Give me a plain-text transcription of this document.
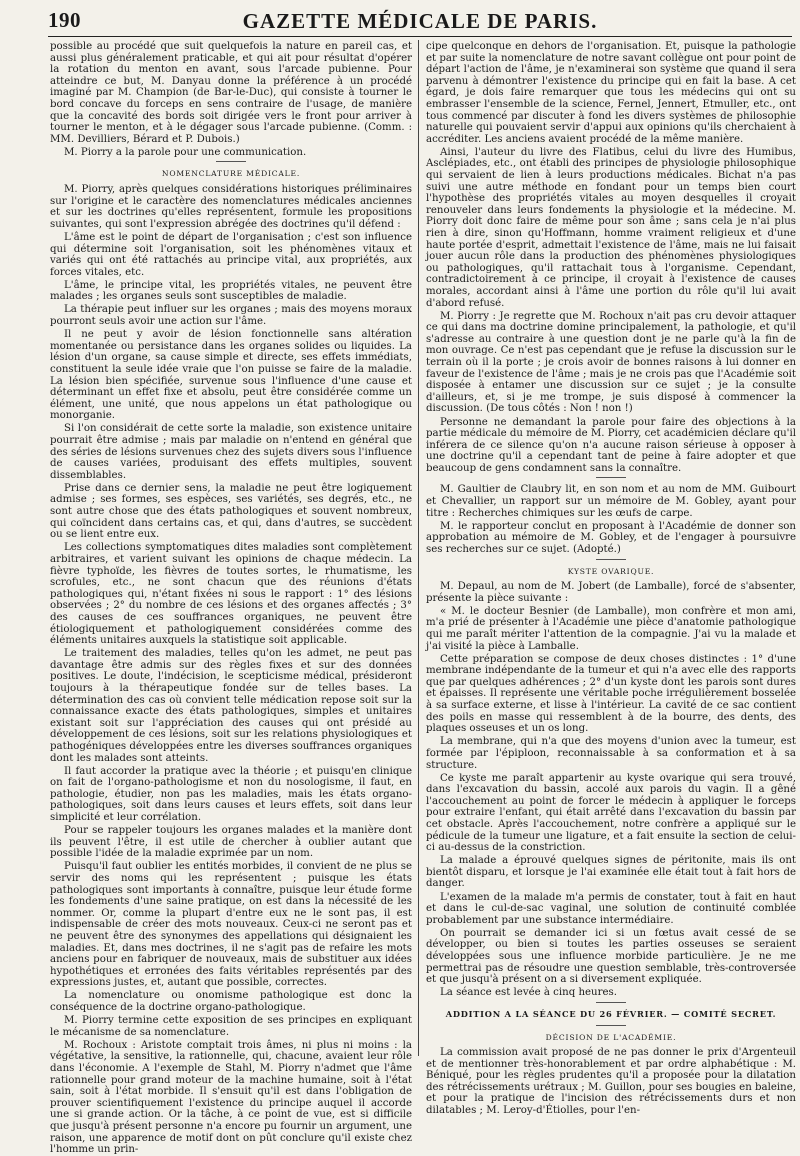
190	GAZETTE MÉDICALE DE PARIS.

possible au procédé que suit quelquefois la nature en pareil cas, et aussi plus généralement praticable, et qui ait pour résultat d'opérer la rotation du menton en avant, sous l'arcade pubienne. Pour atteindre ce but, M. Danyau donne la préférence à un procédé imaginé par M. Champion (de Bar-le-Duc), qui consiste à tourner le bord concave du forceps en sens contraire de l'usage, de manière que la concavité des bords soit dirigée vers le front pour arriver à tourner le menton, et à le dégager sous l'arcade pubienne. (Comm. : MM. Devilliers, Bérard et P. Dubois.)

M. Piorry a la parole pour une communication.

NOMENCLATURE MÉDICALE.

M. Piorry, après quelques considérations historiques préliminaires sur l'origine et le caractère des nomenclatures médicales anciennes et sur les doctrines qu'elles représentent, formule les propositions suivantes, qui sont l'expression abrégée des doctrines qu'il défend :

L'âme est le point de départ de l'organisation ; c'est son influence qui détermine soit l'organisation, soit les phénomènes vitaux et variés qui ont été rattachés au principe vital, aux propriétés, aux forces vitales, etc.

L'âme, le principe vital, les propriétés vitales, ne peuvent être malades ; les organes seuls sont susceptibles de maladie.

La thérapie peut influer sur les organes ; mais des moyens moraux pourront seuls avoir une action sur l'âme.

Il ne peut y avoir de lésion fonctionnelle sans altération momentanée ou persistance dans les organes solides ou liquides. La lésion d'un organe, sa cause simple et directe, ses effets immédiats, constituent la seule idée vraie que l'on puisse se faire de la maladie. La lésion bien spécifiée, survenue sous l'influence d'une cause et déterminant un effet fixe et absolu, peut être considérée comme un élément, une unité, que nous appelons un état pathologique ou monorganie.

Si l'on considérait de cette sorte la maladie, son existence unitaire pourrait être admise ; mais par maladie on n'entend en général que des séries de lésions survenues chez des sujets divers sous l'influence de causes variées, produisant des effets multiples, souvent dissemblables.

Prise dans ce dernier sens, la maladie ne peut être logiquement admise ; ses formes, ses espèces, ses variétés, ses degrés, etc., ne sont autre chose que des états pathologiques et souvent nombreux, qui coïncident dans certains cas, et qui, dans d'autres, se succèdent ou se lient entre eux.

Les collections symptomatiques dites maladies sont complètement arbitraires, et varient suivant les opinions de chaque médecin. La fièvre typhoïde, les fièvres de toutes sortes, le rhumatisme, les scrofules, etc., ne sont chacun que des réunions d'états pathologiques qui, n'étant fixées ni sous le rapport : 1° des lésions observées ; 2° du nombre de ces lésions et des organes affectés ; 3° des causes de ces souffrances organiques, ne peuvent être étiologiquement et pathologiquement considérées comme des éléments unitaires auxquels la statistique soit applicable.

Le traitement des maladies, telles qu'on les admet, ne peut pas davantage être admis sur des règles fixes et sur des données positives. Le doute, l'indécision, le scepticisme médical, présideront toujours à la thérapeutique fondée sur de telles bases. La détermination des cas où convient telle médication repose soit sur la connaissance exacte des états pathologiques, simples et unitaires existant soit sur l'appréciation des causes qui ont présidé au développement de ces lésions, soit sur les relations physiologiques et pathogéniques développées entre les diverses souffrances organiques dont les malades sont atteints.

Il faut accorder la pratique avec la théorie ; et puisqu'en clinique on fait de l'organo-pathologisme et non du nosologisme, il faut, en pathologie, étudier, non pas les maladies, mais les états organo-pathologiques, soit dans leurs causes et leurs effets, soit dans leur simplicité et leur corrélation.

Pour se rappeler toujours les organes malades et la manière dont ils peuvent l'être, il est utile de chercher à oublier autant que possible l'idée de la maladie exprimée par un nom.

Puisqu'il faut oublier les entités morbides, il convient de ne plus se servir des noms qui les représentent ; puisque les états pathologiques sont importants à connaître, puisque leur étude forme les fondements d'une saine pratique, on est dans la nécessité de les nommer. Or, comme la plupart d'entre eux ne le sont pas, il est indispensable de créer des mots nouveaux. Ceux-ci ne seront pas et ne peuvent être des synonymes des appellations qui désignaient les maladies. Et, dans mes doctrines, il ne s'agit pas de refaire les mots anciens pour en fabriquer de nouveaux, mais de substituer aux idées hypothétiques et erronées des faits véritables représentés par des expressions justes, et, autant que possible, correctes.

La nomenclature ou onomisme pathologique est donc la conséquence de la doctrine organo-pathologique.

M. Piorry termine cette exposition de ses principes en expliquant le mécanisme de sa nomenclature.

M. Rochoux : Aristote comptait trois âmes, ni plus ni moins : la végétative, la sensitive, la rationnelle, qui, chacune, avaient leur rôle dans l'économie. A l'exemple de Stahl, M. Piorry n'admet que l'âme rationnelle pour grand moteur de la machine humaine, soit à l'état sain, soit à l'état morbide. Il s'ensuit qu'il est dans l'obligation de prouver scientifiquement l'existence du principe auquel il accorde une si grande action. Or la tâche, à ce point de vue, est si difficile que jusqu'à présent personne n'a encore pu fournir un argument, une raison, une apparence de motif dont on pût conclure qu'il existe chez l'homme un prin-

cipe quelconque en dehors de l'organisation. Et, puisque la pathologie et par suite la nomenclature de notre savant collègue ont pour point de départ l'action de l'âme, je n'examinerai son système que quand il sera parvenu à démontrer l'existence du principe qui en fait la base. A cet égard, je dois faire remarquer que tous les médecins qui ont su embrasser l'ensemble de la science, Fernel, Jennert, Etmuller, etc., ont tous commencé par discuter à fond les divers systèmes de philosophie naturelle qui pouvaient servir d'appui aux opinions qu'ils cherchaient à accréditer. Les anciens avaient procédé de la même manière.

Ainsi, l'auteur du livre des Flatibus, celui du livre des Humibus, Asclépiades, etc., ont établi des principes de physiologie philosophique qui servaient de lien à leurs productions médicales. Bichat n'a pas suivi une autre méthode en fondant pour un temps bien court l'hypothèse des propriétés vitales au moyen desquelles il croyait renouveler dans leurs fondements la physiologie et la médecine. M. Piorry doit donc faire de même pour son âme ; sans cela je n'ai plus rien à dire, sinon qu'Hoffmann, homme vraiment religieux et d'une haute portée d'esprit, admettait l'existence de l'âme, mais ne lui faisait jouer aucun rôle dans la production des phénomènes physiologiques ou pathologiques, qu'il rattachait tous à l'organisme. Cependant, contradictoirement à ce principe, il croyait à l'existence de causes morales, accordant ainsi à l'âme une portion du rôle qu'il lui avait d'abord refusé.

M. Piorry : Je regrette que M. Rochoux n'ait pas cru devoir attaquer ce qui dans ma doctrine domine principalement, la pathologie, et qu'il s'adresse au contraire à une question dont je ne parle qu'à la fin de mon ouvrage. Ce n'est pas cependant que je refuse la discussion sur le terrain où il la porte ; je crois avoir de bonnes raisons à lui donner en faveur de l'existence de l'âme ; mais je ne crois pas que l'Académie soit disposée à entamer une discussion sur ce sujet ; je la consulte d'ailleurs, et, si je me trompe, je suis disposé à commencer la discussion. (De tous côtés : Non ! non !)

Personne ne demandant la parole pour faire des objections à la partie médicale du mémoire de M. Piorry, cet académicien déclare qu'il inférera de ce silence qu'on n'a aucune raison sérieuse à opposer à une doctrine qu'il a cependant tant de peine à faire adopter et que beaucoup de gens condamnent sans la connaître.

M. Gaultier de Claubry lit, en son nom et au nom de MM. Guibourt et Chevallier, un rapport sur un mémoire de M. Gobley, ayant pour titre : Recherches chimiques sur les œufs de carpe.

M. le rapporteur conclut en proposant à l'Académie de donner son approbation au mémoire de M. Gobley, et de l'engager à poursuivre ses recherches sur ce sujet. (Adopté.)

KYSTE OVARIQUE.

M. Depaul, au nom de M. Jobert (de Lamballe), forcé de s'absenter, présente la pièce suivante :

« M. le docteur Besnier (de Lamballe), mon confrère et mon ami, m'a prié de présenter à l'Académie une pièce d'anatomie pathologique qui me paraît mériter l'attention de la compagnie. J'ai vu la malade et j'ai visité la pièce à Lamballe.

Cette préparation se compose de deux choses distinctes : 1° d'une membrane indépendante de la tumeur et qui n'a avec elle des rapports que par quelques adhérences ; 2° d'un kyste dont les parois sont dures et épaisses. Il représente une véritable poche irrégulièrement bosselée à sa surface externe, et lisse à l'intérieur. La cavité de ce sac contient des poils en masse qui ressemblent à de la bourre, des dents, des plaques osseuses et un os long.

La membrane, qui n'a que des moyens d'union avec la tumeur, est formée par l'épiploon, reconnaissable à sa conformation et à sa structure.

Ce kyste me paraît appartenir au kyste ovarique qui sera trouvé, dans l'excavation du bassin, accolé aux parois du vagin. Il a gêné l'accouchement au point de forcer le médecin à appliquer le forceps pour extraire l'enfant, qui était arrêté dans l'excavation du bassin par cet obstacle. Après l'accouchement, notre confrère a appliqué sur le pédicule de la tumeur une ligature, et a fait ensuite la section de celui-ci au-dessus de la constriction.

La malade a éprouvé quelques signes de péritonite, mais ils ont bientôt disparu, et lorsque je l'ai examinée elle était tout à fait hors de danger.

L'examen de la malade m'a permis de constater, tout à fait en haut et dans le cul-de-sac vaginal, une solution de continuité comblée probablement par une substance intermédiaire.

On pourrait se demander ici si un fœtus avait cessé de se développer, ou bien si toutes les parties osseuses se seraient développées sous une influence morbide particulière. Je ne me permettrai pas de résoudre une question semblable, très-controversée et que jusqu'à présent on a si diversement expliquée.

La séance est levée à cinq heures.

ADDITION A LA SÉANCE DU 26 FÉVRIER. — COMITÉ SECRET.

DÉCISION DE L'ACADÉMIE.

La commission avait proposé de ne pas donner le prix d'Argenteuil et de mentionner très-honorablement et par ordre alphabétique : M. Béniqué, pour les règles prudentes qu'il a proposée pour la dilatation des rétrécissements urétraux ; M. Guillon, pour ses bougies en baleine, et pour la pratique de l'incision des rétrécissements durs et non dilatables ; M. Leroy-d'Étiolles, pour l'en-
